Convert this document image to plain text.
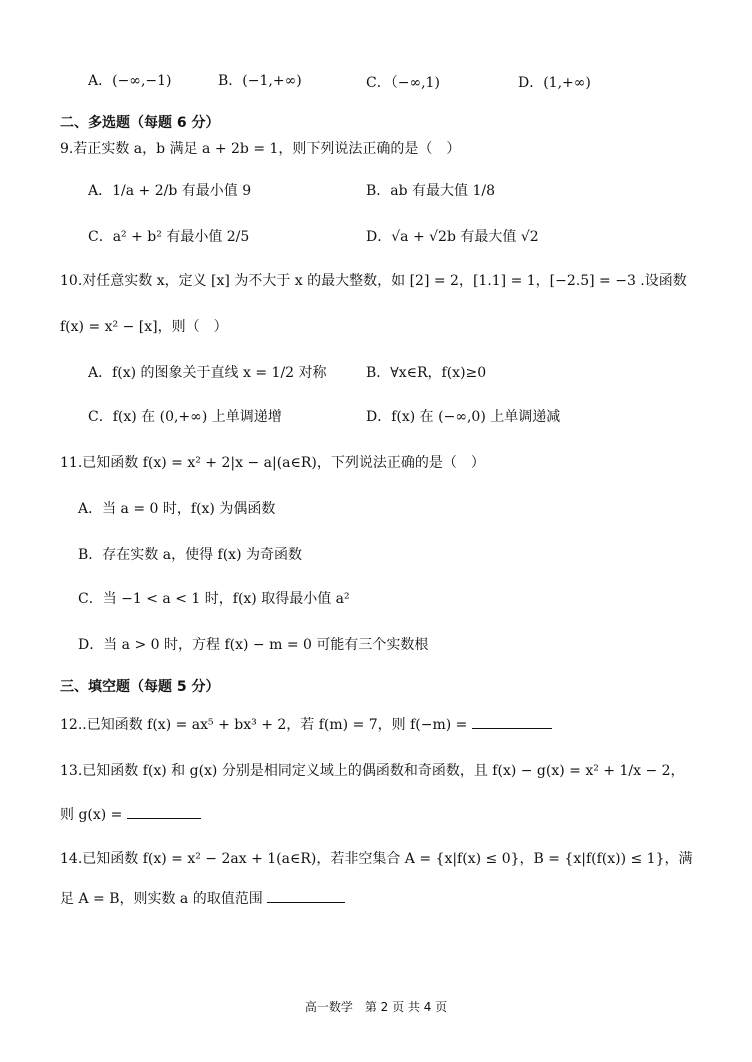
A．(−∞,−1)	B．(−1,+∞)	C．（−∞,1)	D．(1,+∞)
二、多选题（每题 6 分）
9.若正实数 a，b 满足 a + 2b = 1，则下列说法正确的是（　）
A．1/a + 2/b 有最小值 9	B．ab 有最大值 1/8
C．a² + b² 有最小值 2/5	D．√a + √2b 有最大值 √2
10.对任意实数 x，定义 [x] 为不大于 x 的最大整数，如 [2] = 2，[1.1] = 1，[−2.5] = −3 .设函数
f(x) = x² − [x]，则（　）
A．f(x) 的图象关于直线 x = 1/2 对称	B．∀x∈R，f(x)≥0
C．f(x) 在 (0,+∞) 上单调递增	D．f(x) 在 (−∞,0) 上单调递减
11.已知函数 f(x) = x² + 2|x − a|(a∈R)，下列说法正确的是（　）
A．当 a = 0 时，f(x) 为偶函数
B．存在实数 a，使得 f(x) 为奇函数
C．当 −1 < a < 1 时，f(x) 取得最小值 a²
D．当 a > 0 时，方程 f(x) − m = 0 可能有三个实数根
三、填空题（每题 5 分）
12..已知函数 f(x) = ax⁵ + bx³ + 2，若 f(m) = 7，则 f(−m) =
13.已知函数 f(x) 和 g(x) 分别是相同定义域上的偶函数和奇函数，且 f(x) − g(x) = x² + 1/x − 2，
则 g(x) =
14.已知函数 f(x) = x² − 2ax + 1(a∈R)，若非空集合 A = {x|f(x) ≤ 0}，B = {x|f(f(x)) ≤ 1}，满
足 A = B，则实数 a 的取值范围
高一数学　第 2 页 共 4 页
